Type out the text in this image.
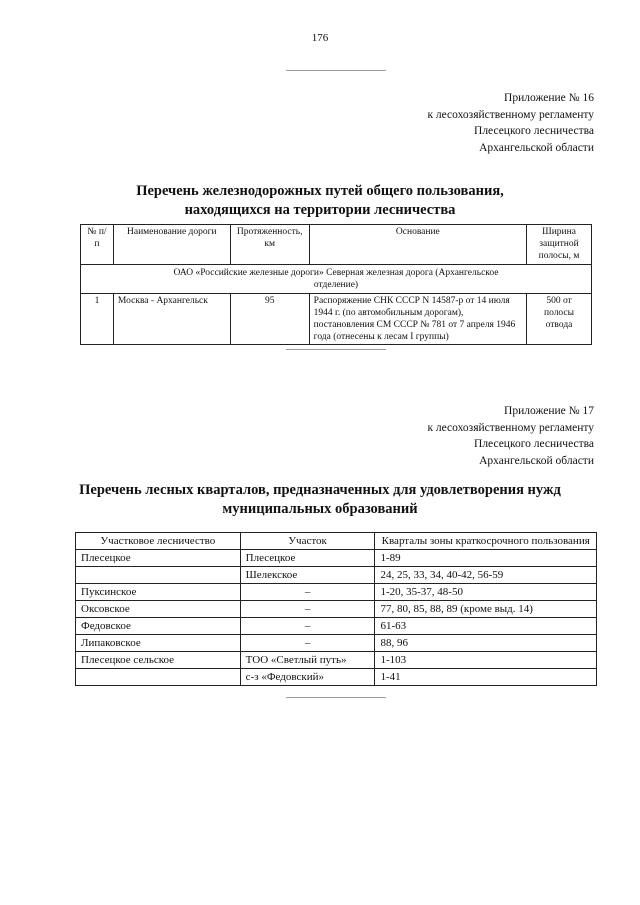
176
Приложение № 16
к лесохозяйственному регламенту
Плесецкого лесничества
Архангельской области
Перечень железнодорожных путей общего пользования,
находящихся на территории лесничества
№ п/п	Наименование дороги	Протяженность, км	Основание	Ширина защитной полосы, м
ОАО «Российские железные дороги» Северная железная дорога (Архангельское отделение)				
1	Москва - Архангельск	95	Распоряжение СНК СССР N 14587-р от 14 июля 1944 г. (по автомобильным дорогам), постановления СМ СССР № 781 от 7 апреля 1946 года (отнесены к лесам I группы)	500 от полосы отвода
Приложение № 17
к лесохозяйственному регламенту
Плесецкого лесничества
Архангельской области
Перечень лесных кварталов, предназначенных для удовлетворения нужд
муниципальных образований
Участковое лесничество	Участок	Кварталы зоны краткосрочного пользования
Плесецкое	Плесецкое	1-89
	Шелекское	24, 25, 33, 34, 40-42, 56-59
Пуксинское	–	1-20, 35-37, 48-50
Оксовское	–	77, 80, 85, 88, 89 (кроме выд. 14)
Федовское	–	61-63
Липаковское	–	88, 96
Плесецкое сельское	ТОО «Светлый путь»	1-103
	с-з «Федовский»	1-41
